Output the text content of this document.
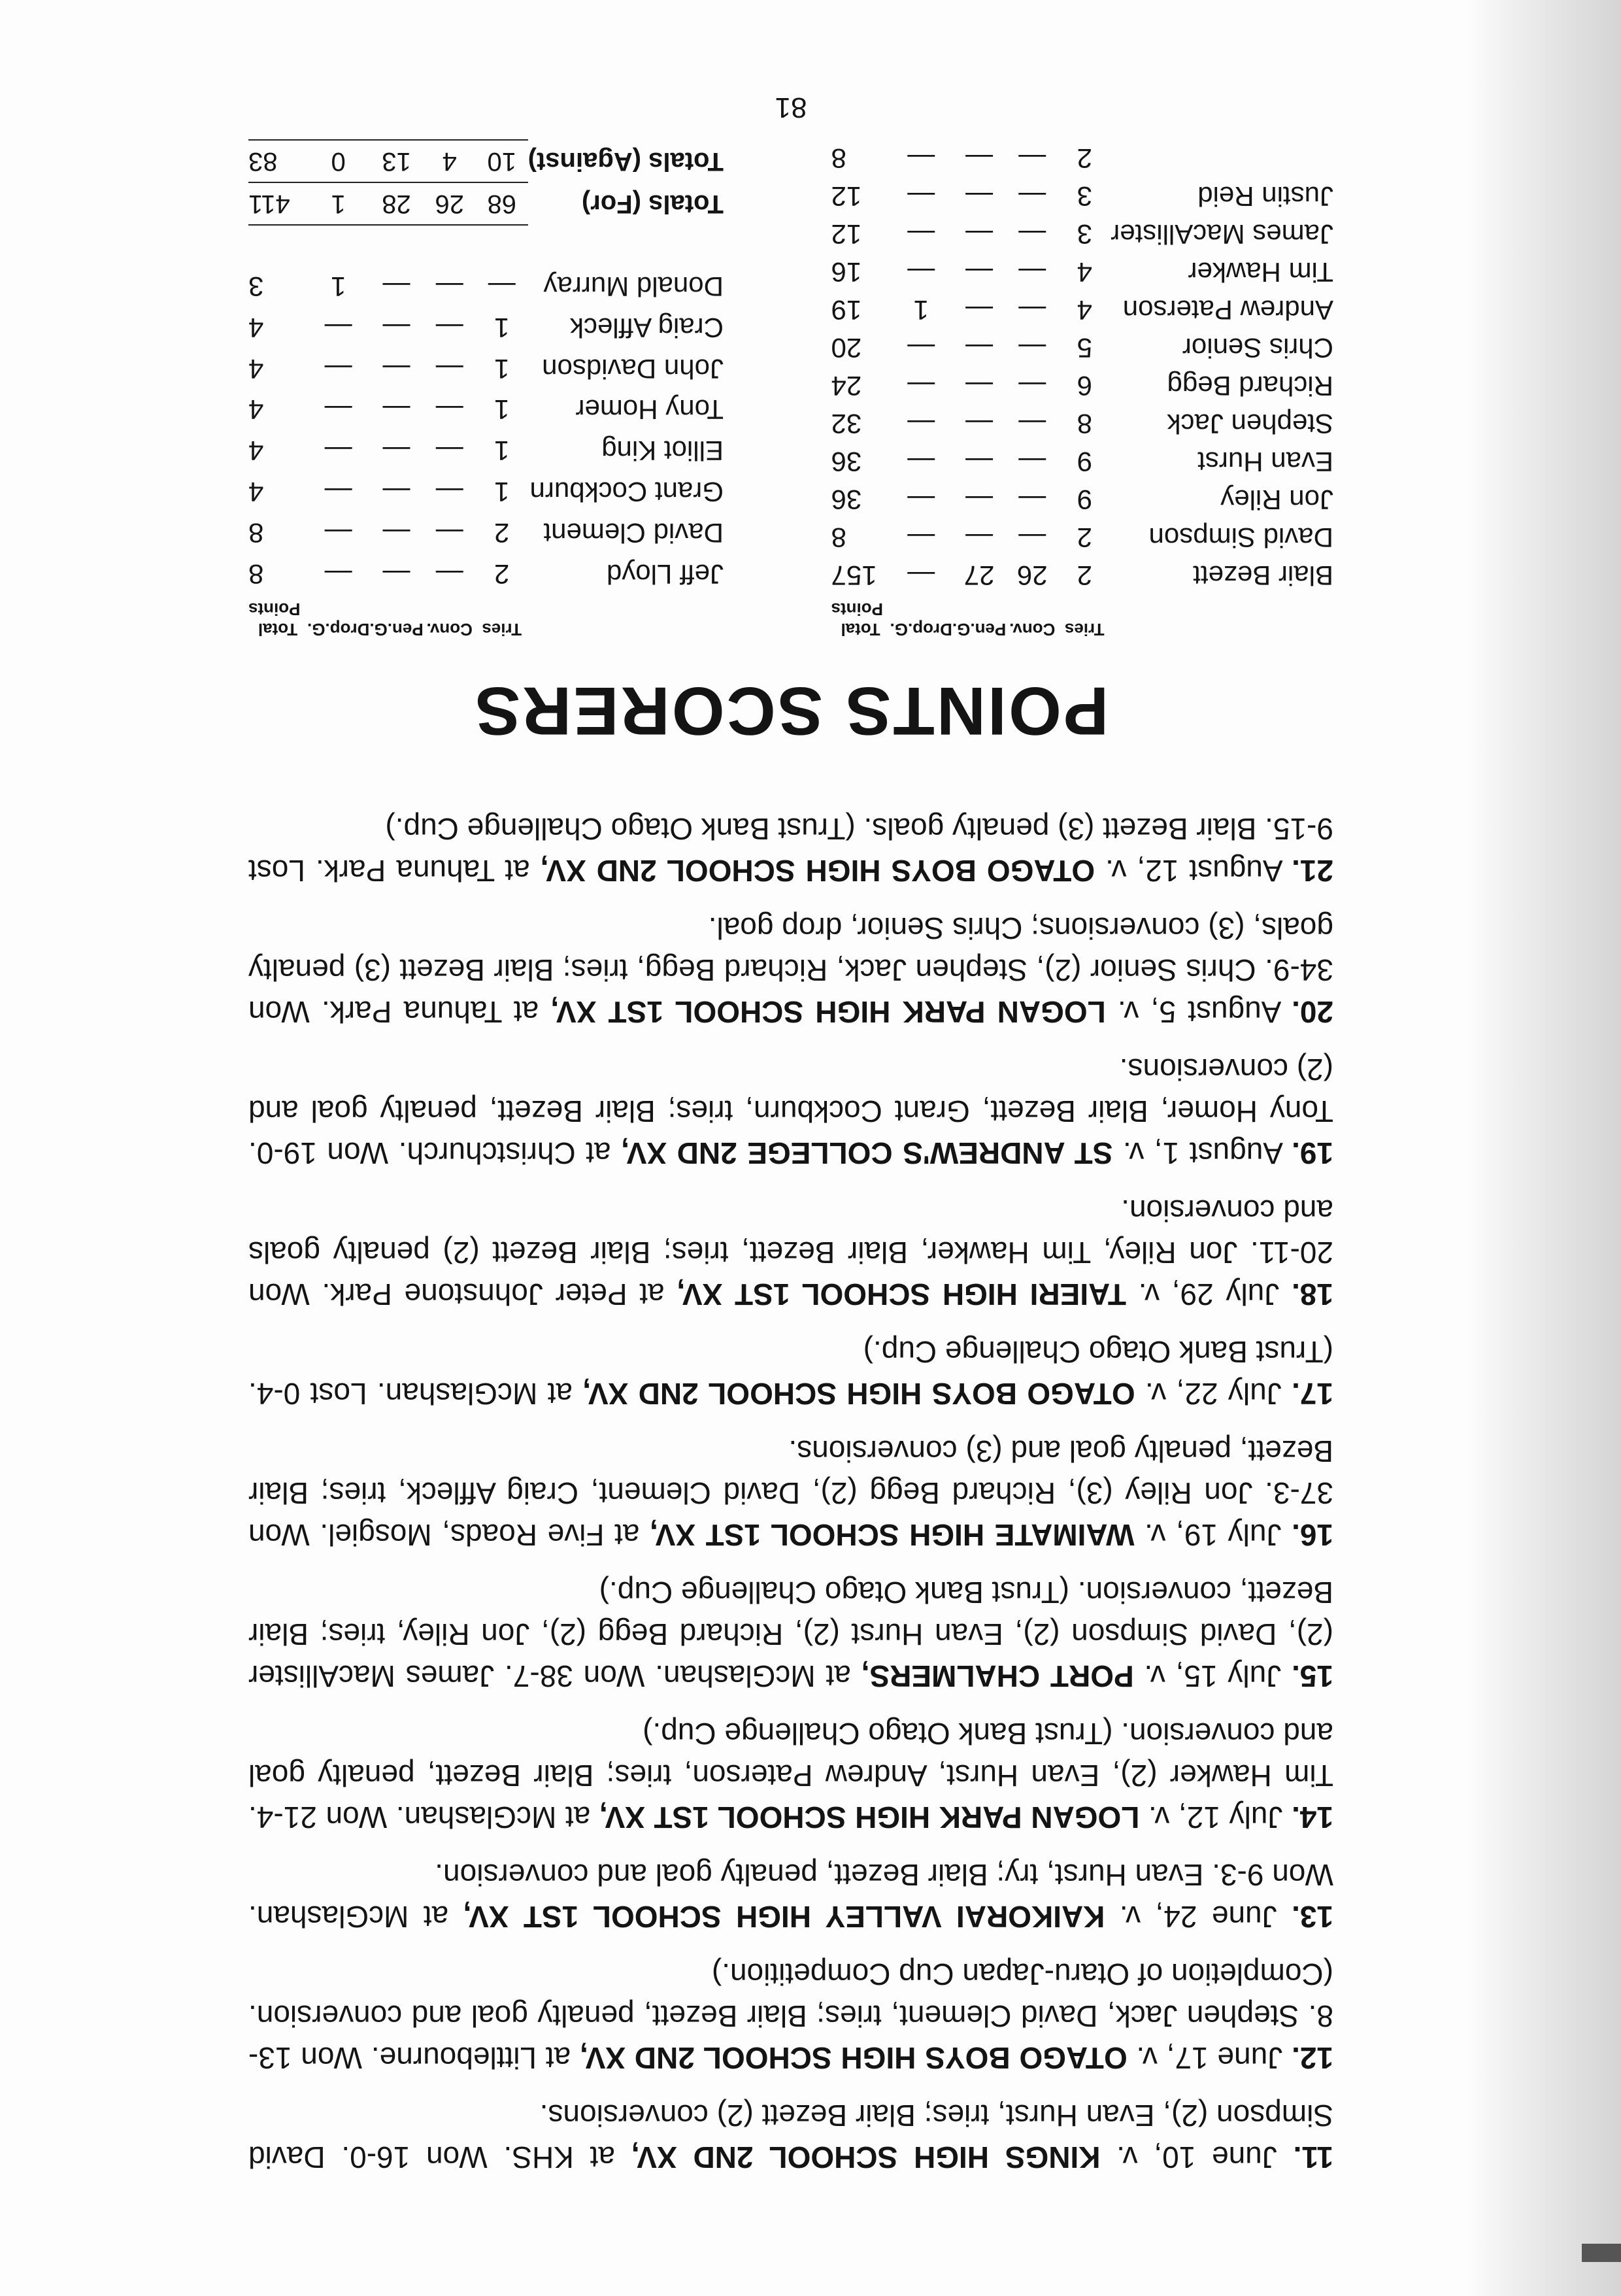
11. June 10, v. KINGS HIGH SCHOOL 2ND XV, at KHS. Won 16-0. David Simpson (2), Evan Hurst, tries; Blair Bezett (2) conversions.

12. June 17, v. OTAGO BOYS HIGH SCHOOL 2ND XV, at Littlebourne. Won 13-8. Stephen Jack, David Clement, tries; Blair Bezett, penalty goal and conversion. (Completion of Otaru-Japan Cup Competition.)

13. June 24, v. KAIKORAI VALLEY HIGH SCHOOL 1ST XV, at McGlashan. Won 9-3. Evan Hurst, try; Blair Bezett, penalty goal and conversion.

14. July 12, v. LOGAN PARK HIGH SCHOOL 1ST XV, at McGlashan. Won 21-4. Tim Hawker (2), Evan Hurst, Andrew Paterson, tries; Blair Bezett, penalty goal and conversion. (Trust Bank Otago Challenge Cup.)

15. July 15, v. PORT CHALMERS, at McGlashan. Won 38-7. James MacAllister (2), David Simpson (2), Evan Hurst (2), Richard Begg (2), Jon Riley, tries; Blair Bezett, conversion. (Trust Bank Otago Challenge Cup.)

16. July 19, v. WAIMATE HIGH SCHOOL 1ST XV, at Five Roads, Mosgiel. Won 37-3. Jon Riley (3), Richard Begg (2), David Clement, Craig Affleck, tries; Blair Bezett, penalty goal and (3) conversions.

17. July 22, v. OTAGO BOYS HIGH SCHOOL 2ND XV, at McGlashan. Lost 0-4. (Trust Bank Otago Challenge Cup.)

18. July 29, v. TAIERI HIGH SCHOOL 1ST XV, at Peter Johnstone Park. Won 20-11. Jon Riley, Tim Hawker, Blair Bezett, tries; Blair Bezett (2) penalty goals and conversion.

19. August 1, v. ST ANDREW'S COLLEGE 2ND XV, at Christchurch. Won 19-0. Tony Homer, Blair Bezett, Grant Cockburn, tries; Blair Bezett, penalty goal and (2) conversions.

20. August 5, v. LOGAN PARK HIGH SCHOOL 1ST XV, at Tahuna Park. Won 34-9. Chris Senior (2), Stephen Jack, Richard Begg, tries; Blair Bezett (3) penalty goals, (3) conversions; Chris Senior, drop goal.

21. August 12, v. OTAGO BOYS HIGH SCHOOL 2ND XV, at Tahuna Park. Lost 9-15. Blair Bezett (3) penalty goals. (Trust Bank Otago Challenge Cup.)

POINTS SCORERS
	Tries	Conv.	Pen.G.	Drop.G.	Total
					Points
Blair Bezett	2	26	27	—	157
David Simpson	2	—	—	—	8
Jon Riley	9	—	—	—	36
Evan Hurst	9	—	—	—	36
Stephen Jack	8	—	—	—	32
Richard Begg	6	—	—	—	24
Chris Senior	5	—	—	—	20
Andrew Paterson	4	—	—	1	19
Tim Hawker	4	—	—	—	16
James MacAllister	3	—	—	—	12
Justin Reid	3	—	—	—	12
	2	—	—	—	8
	Tries	Conv.	Pen.G.	Drop.G.	Total
					Points
Jeff Lloyd	2	—	—	—	8
David Clement	2	—	—	—	8
Grant Cockburn	1	—	—	—	4
Elliot King	1	—	—	—	4
Tony Homer	1	—	—	—	4
John Davidson	1	—	—	—	4
Craig Affleck	1	—	—	—	4
Donald Murray	—	—	—	1	3

Totals (For)	68	26	28	1	411
Totals (Against)	10	4	13	0	83
81
